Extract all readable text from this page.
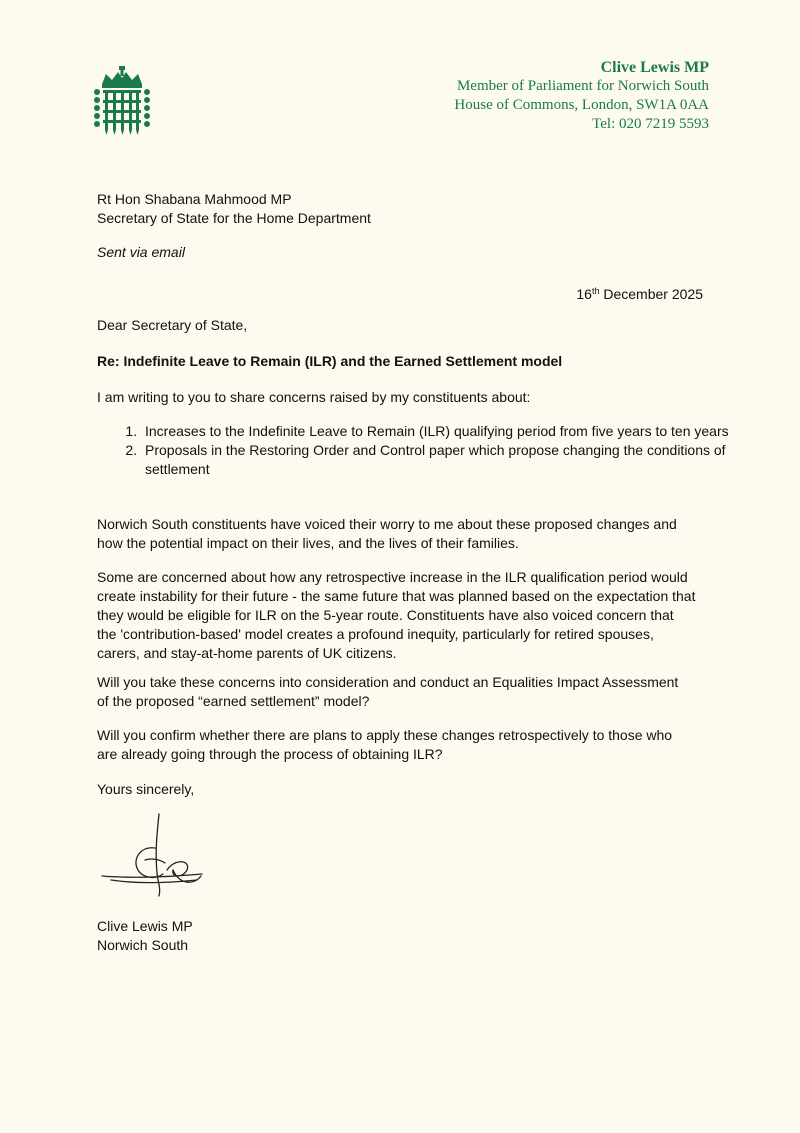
Clive Lewis MP
Member of Parliament for Norwich South
House of Commons, London, SW1A 0AA
Tel: 020 7219 5593
Rt Hon Shabana Mahmood MP
Secretary of State for the Home Department
Sent via email
16th December 2025
Dear Secretary of State,
Re: Indefinite Leave to Remain (ILR) and the Earned Settlement model
I am writing to you to share concerns raised by my constituents about:
1. Increases to the Indefinite Leave to Remain (ILR) qualifying period from five years to ten years
2. Proposals in the Restoring Order and Control paper which propose changing the conditions of settlement
Norwich South constituents have voiced their worry to me about these proposed changes and how the potential impact on their lives, and the lives of their families.
Some are concerned about how any retrospective increase in the ILR qualification period would create instability for their future - the same future that was planned based on the expectation that they would be eligible for ILR on the 5-year route. Constituents have also voiced concern that the 'contribution-based' model creates a profound inequity, particularly for retired spouses, carers, and stay-at-home parents of UK citizens.
Will you take these concerns into consideration and conduct an Equalities Impact Assessment of the proposed “earned settlement” model?
Will you confirm whether there are plans to apply these changes retrospectively to those who are already going through the process of obtaining ILR?
Yours sincerely,
Clive Lewis MP
Norwich South
